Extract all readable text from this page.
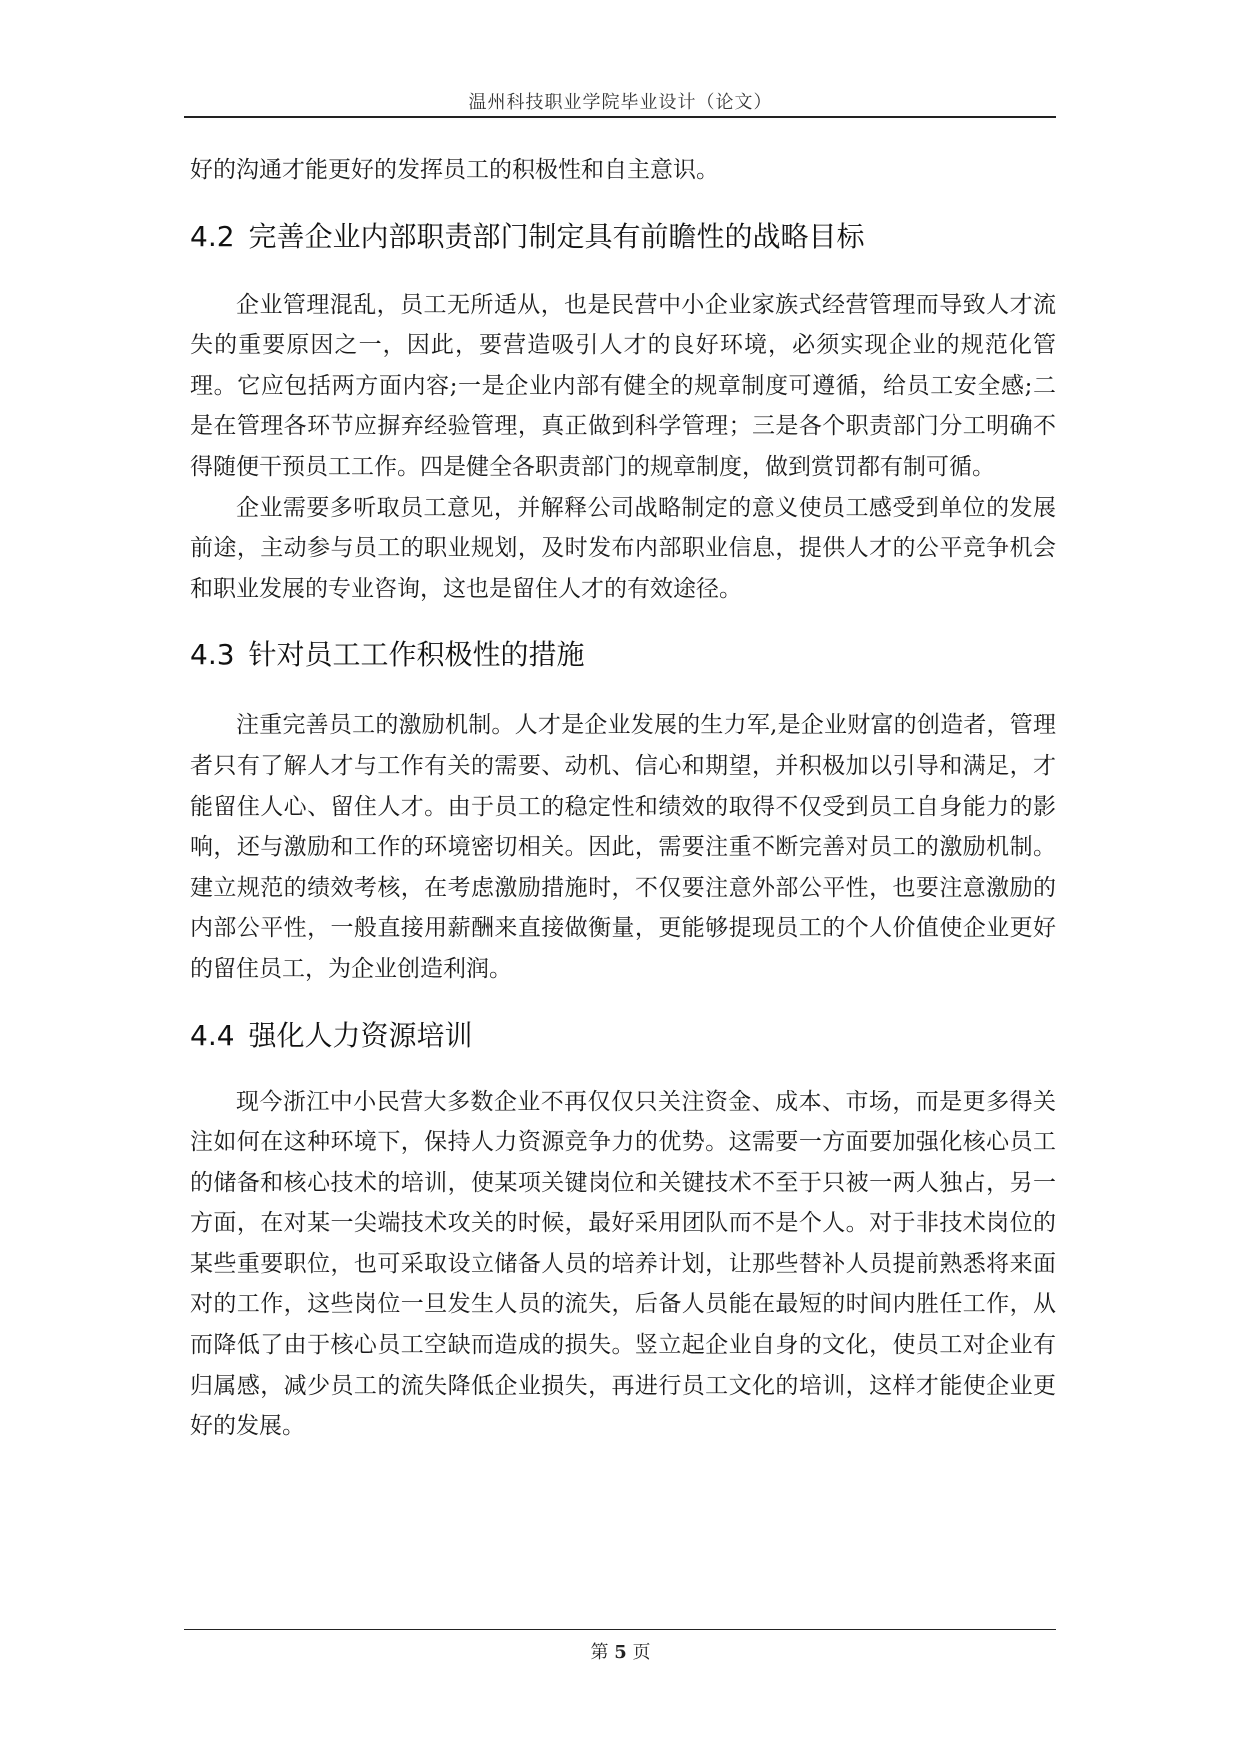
温州科技职业学院毕业设计（论文）

好的沟通才能更好的发挥员工的积极性和自主意识。

4.2 完善企业内部职责部门制定具有前瞻性的战略目标

企业管理混乱，员工无所适从，也是民营中小企业家族式经营管理而导致人才流失的重要原因之一，因此，要营造吸引人才的良好环境，必须实现企业的规范化管理。它应包括两方面内容;一是企业内部有健全的规章制度可遵循，给员工安全感;二是在管理各环节应摒弃经验管理，真正做到科学管理；三是各个职责部门分工明确不得随便干预员工工作。四是健全各职责部门的规章制度，做到赏罚都有制可循。

企业需要多听取员工意见，并解释公司战略制定的意义使员工感受到单位的发展前途，主动参与员工的职业规划，及时发布内部职业信息，提供人才的公平竞争机会和职业发展的专业咨询，这也是留住人才的有效途径。

4.3 针对员工工作积极性的措施

注重完善员工的激励机制。人才是企业发展的生力军,是企业财富的创造者，管理者只有了解人才与工作有关的需要、动机、信心和期望，并积极加以引导和满足，才能留住人心、留住人才。由于员工的稳定性和绩效的取得不仅受到员工自身能力的影响，还与激励和工作的环境密切相关。因此，需要注重不断完善对员工的激励机制。建立规范的绩效考核，在考虑激励措施时，不仅要注意外部公平性，也要注意激励的内部公平性，一般直接用薪酬来直接做衡量，更能够提现员工的个人价值使企业更好的留住员工，为企业创造利润。

4.4 强化人力资源培训

现今浙江中小民营大多数企业不再仅仅只关注资金、成本、市场，而是更多得关注如何在这种环境下，保持人力资源竞争力的优势。这需要一方面要加强化核心员工的储备和核心技术的培训，使某项关键岗位和关键技术不至于只被一两人独占，另一方面，在对某一尖端技术攻关的时候，最好采用团队而不是个人。对于非技术岗位的某些重要职位，也可采取设立储备人员的培养计划，让那些替补人员提前熟悉将来面对的工作，这些岗位一旦发生人员的流失，后备人员能在最短的时间内胜任工作，从而降低了由于核心员工空缺而造成的损失。竖立起企业自身的文化，使员工对企业有归属感，减少员工的流失降低企业损失，再进行员工文化的培训，这样才能使企业更好的发展。

第 5 页
